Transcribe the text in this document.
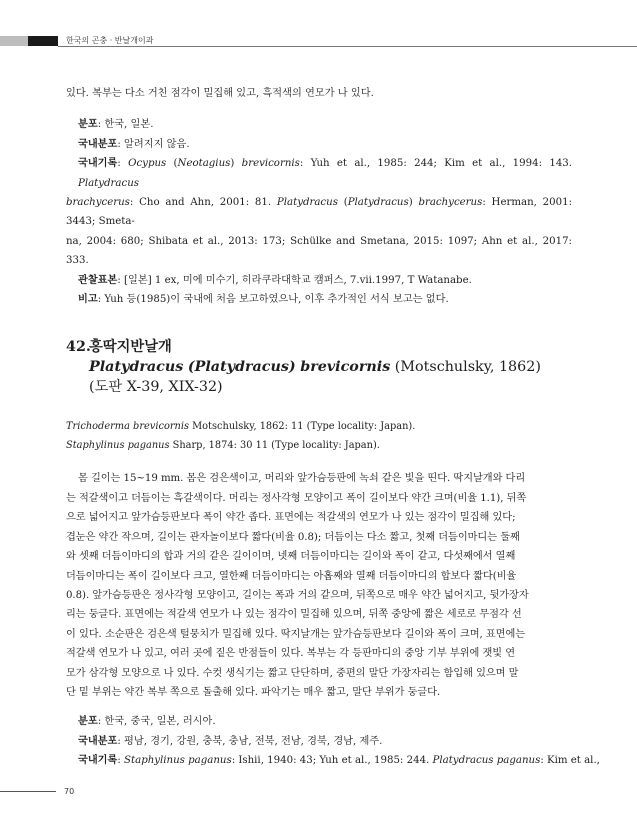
한국의 곤충 · 반날개이과

있다. 복부는 다소 거친 점각이 밀집해 있고, 흑적색의 연모가 나 있다.

분포: 한국, 일본.

국내분포: 알려지지 않음.

국내기록: Ocypus (Neotagius) brevicornis: Yuh et al., 1985: 244; Kim et al., 1994: 143. Platydracus

brachycerus: Cho and Ahn, 2001: 81. Platydracus (Platydracus) brachycerus: Herman, 2001: 3443; Smeta-

na, 2004: 680; Shibata et al., 2013: 173; Schülke and Smetana, 2015: 1097; Ahn et al., 2017: 333.

관찰표본: [일본] 1 ex, 미에 미수기, 히라쿠라대학교 캠퍼스, 7.vii.1997, T Watanabe.

비고: Yuh 등(1985)이 국내에 처음 보고하였으나, 이후 추가적인 서식 보고는 없다.

42.홍딱지반날개
Platydracus (Platydracus) brevicornis (Motschulsky, 1862)
(도판 X-39, XIX-32)

Trichoderma brevicornis Motschulsky, 1862: 11 (Type locality: Japan).

Staphylinus paganus Sharp, 1874: 30 11 (Type locality: Japan).

몸 길이는 15~19 mm. 몸은 검은색이고, 머리와 앞가슴등판에 녹쇠 같은 빛을 띤다. 딱지날개와 다리

는 적갈색이고 더듬이는 흑갈색이다. 머리는 정사각형 모양이고 폭이 길이보다 약간 크며(비율 1.1), 뒤쪽

으로 넓어지고 앞가슴등판보다 폭이 약간 좁다. 표면에는 적갈색의 연모가 나 있는 점각이 밀집해 있다;

겹눈은 약간 작으며, 길이는 관자놀이보다 짧다(비율 0.8); 더듬이는 다소 짧고, 첫째 더듬이마디는 둘째

와 셋째 더듬이마디의 합과 거의 같은 길이이며, 넷째 더듬이마디는 길이와 폭이 같고, 다섯째에서 열째

더듬이마디는 폭이 길이보다 크고, 열한째 더듬이마디는 아홉째와 열째 더듬이마디의 합보다 짧다(비율

0.8). 앞가슴등판은 정사각형 모양이고, 길이는 폭과 거의 같으며, 뒤쪽으로 매우 약간 넓어지고, 뒷가장자

리는 둥글다. 표면에는 적갈색 연모가 나 있는 점각이 밀집해 있으며, 뒤쪽 중앙에 짧은 세로로 무점각 선

이 있다. 소순판은 검은색 털뭉치가 밀집해 있다. 딱지날개는 앞가슴등판보다 길이와 폭이 크며, 표면에는

적갈색 연모가 나 있고, 여러 곳에 짙은 반점들이 있다. 복부는 각 등판마디의 중앙 기부 부위에 잿빛 연

모가 삼각형 모양으로 나 있다. 수컷 생식기는 짧고 단단하며, 중편의 말단 가장자리는 함입해 있으며 말

단 밑 부위는 약간 복부 쪽으로 돌출해 있다. 파악기는 매우 짧고, 말단 부위가 둥글다.

분포: 한국, 중국, 일본, 러시아.

국내분포: 평남, 경기, 강원, 충북, 충남, 전북, 전남, 경북, 경남, 제주.

국내기록: Staphylinus paganus: Ishii, 1940: 43; Yuh et al., 1985: 244. Platydracus paganus: Kim et al.,

70
